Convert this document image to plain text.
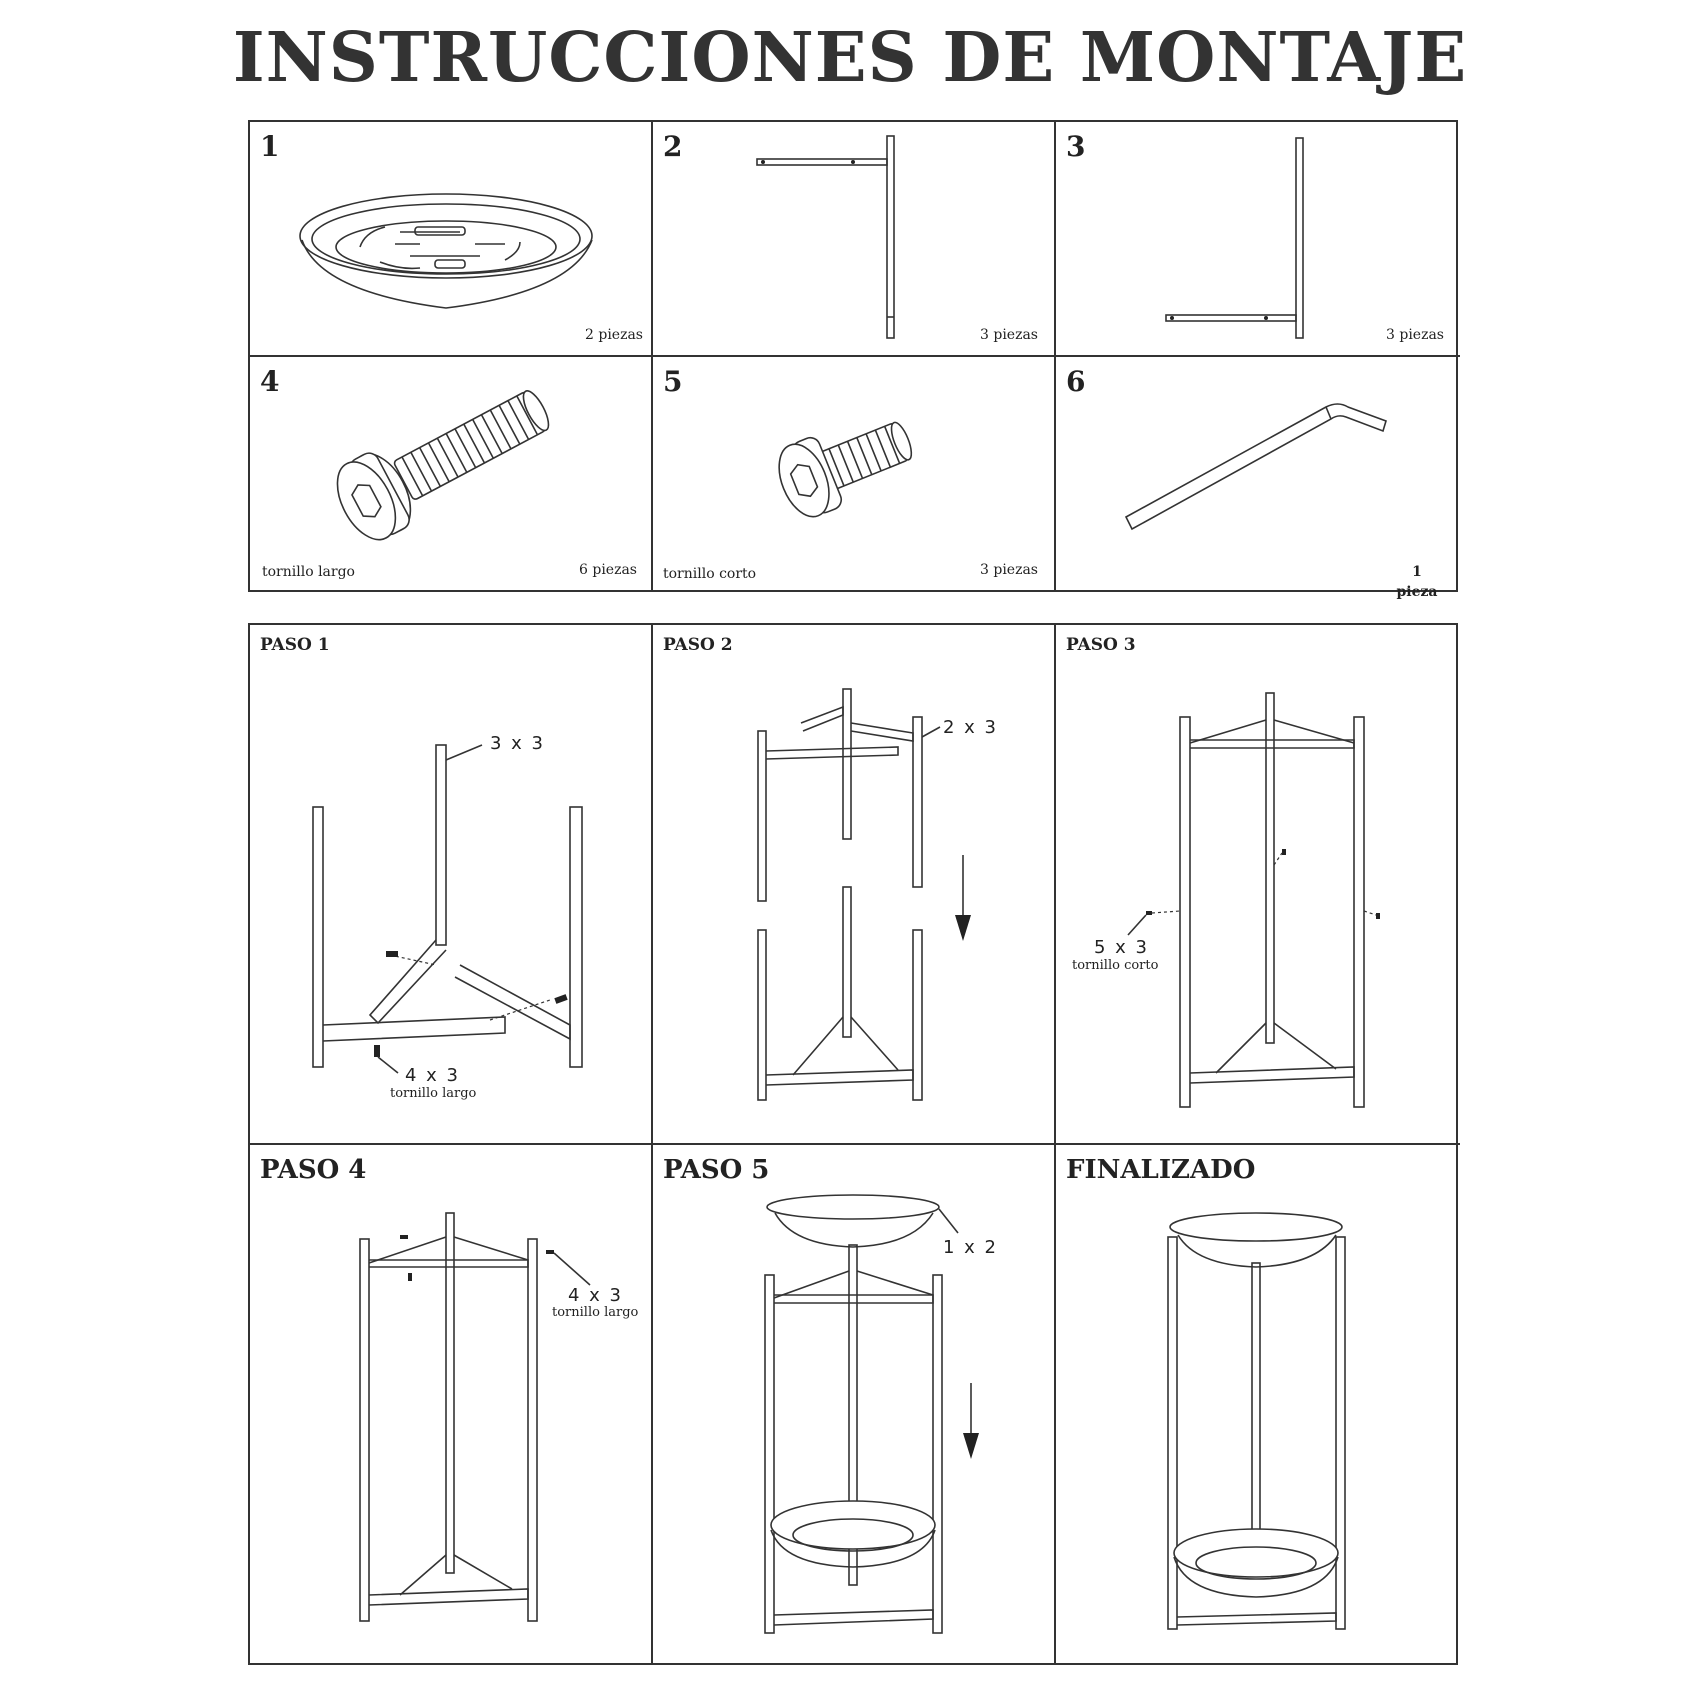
INSTRUCCIONES DE MONTAJE
1
2 piezas
2
3 piezas
3
3 piezas
4
tornillo largo	6 piezas
5
tornillo corto	3 piezas
6
1 pieza
PASO 1
3 x 3
4 x 3
tornillo largo
PASO 2
2 x 3
PASO 3
5 x 3
tornillo corto
PASO 4
4 x 3
tornillo largo
PASO 5
1 x 2
FINALIZADO
